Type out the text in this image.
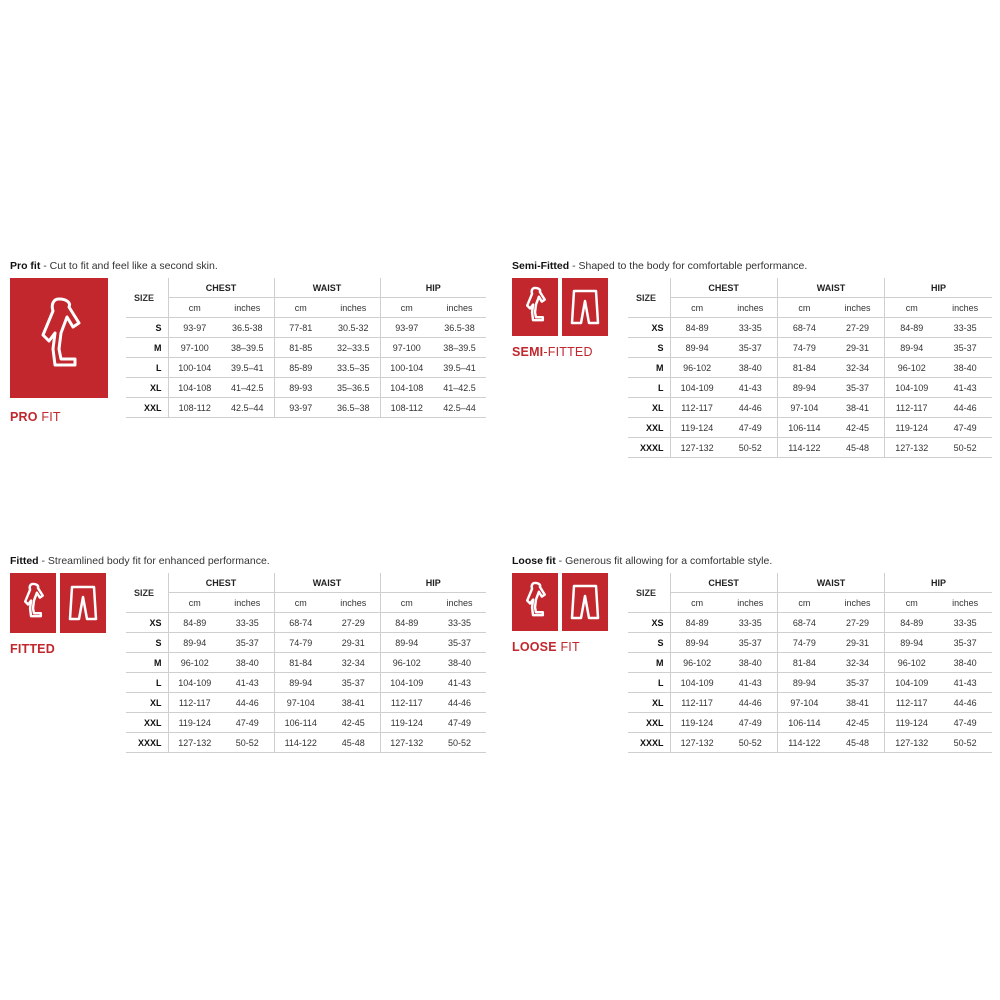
Pro fit - Cut to fit and feel like a second skin.
PRO FIT
SIZE	CHEST		WAIST		HIP	
	cm	inches	cm	inches	cm	inches
S	93-97	36.5-38	77-81	30.5-32	93-97	36.5-38
M	97-100	38–39.5	81-85	32–33.5	97-100	38–39.5
L	100-104	39.5–41	85-89	33.5–35	100-104	39.5–41
XL	104-108	41–42.5	89-93	35–36.5	104-108	41–42.5
XXL	108-112	42.5–44	93-97	36.5–38	108-112	42.5–44
Semi-Fitted - Shaped to the body for comfortable performance.
SEMI-FITTED
SIZE	CHEST		WAIST		HIP	
	cm	inches	cm	inches	cm	inches
XS	84-89	33-35	68-74	27-29	84-89	33-35
S	89-94	35-37	74-79	29-31	89-94	35-37
M	96-102	38-40	81-84	32-34	96-102	38-40
L	104-109	41-43	89-94	35-37	104-109	41-43
XL	112-117	44-46	97-104	38-41	112-117	44-46
XXL	119-124	47-49	106-114	42-45	119-124	47-49
XXXL	127-132	50-52	114-122	45-48	127-132	50-52
Fitted - Streamlined body fit for enhanced performance.
FITTED
SIZE	CHEST		WAIST		HIP	
	cm	inches	cm	inches	cm	inches
XS	84-89	33-35	68-74	27-29	84-89	33-35
S	89-94	35-37	74-79	29-31	89-94	35-37
M	96-102	38-40	81-84	32-34	96-102	38-40
L	104-109	41-43	89-94	35-37	104-109	41-43
XL	112-117	44-46	97-104	38-41	112-117	44-46
XXL	119-124	47-49	106-114	42-45	119-124	47-49
XXXL	127-132	50-52	114-122	45-48	127-132	50-52
Loose fit - Generous fit allowing for a comfortable style.
LOOSE FIT
SIZE	CHEST		WAIST		HIP	
	cm	inches	cm	inches	cm	inches
XS	84-89	33-35	68-74	27-29	84-89	33-35
S	89-94	35-37	74-79	29-31	89-94	35-37
M	96-102	38-40	81-84	32-34	96-102	38-40
L	104-109	41-43	89-94	35-37	104-109	41-43
XL	112-117	44-46	97-104	38-41	112-117	44-46
XXL	119-124	47-49	106-114	42-45	119-124	47-49
XXXL	127-132	50-52	114-122	45-48	127-132	50-52
